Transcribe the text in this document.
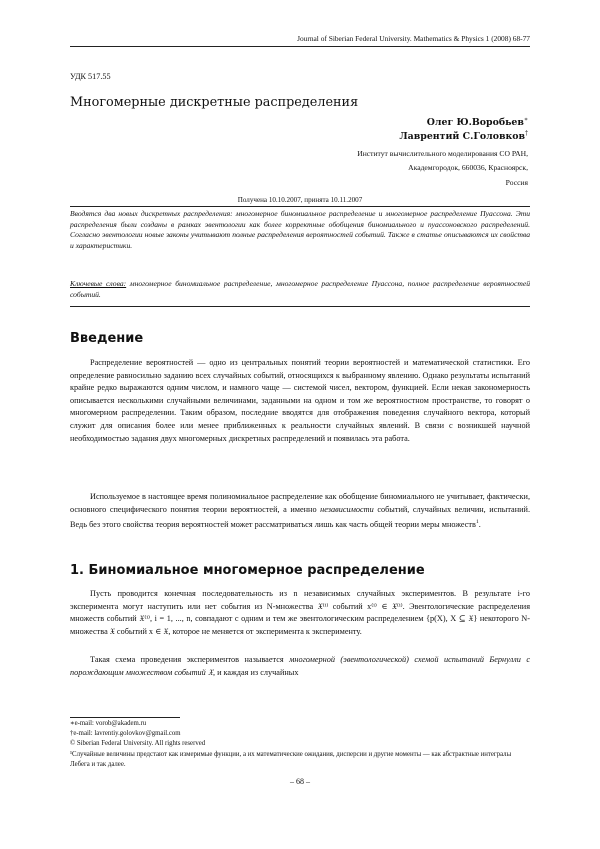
Journal of Siberian Federal University. Mathematics & Physics 1 (2008) 68-77
УДК 517.55
Многомерные дискретные распределения
Олег Ю.Воробьев∗
Лаврентий С.Головков†
Институт вычислительного моделирования СО РАН,
Академгородок, 660036, Красноярск,
Россия
Получена 10.10.2007, принята 10.11.2007
Вводятся два новых дискретных распределения: многомерное биномиальное распределение и многомерное распределение Пуассона. Эти распределения были созданы в рамках эвентологии как более корректные обобщения биномиального и пуассоновского распределений. Согласно эвентологии новые законы учитывают полные распределения вероятностей событий. Также в статье описываются их свойства и характеристики.
Ключевые слова: многомерное биномиальное распределение, многомерное распределение Пуассона, полное распределение вероятностей событий.
Введение
Распределение вероятностей — одно из центральных понятий теории вероятностей и математической статистики. Его определение равносильно заданию всех случайных событий, относящихся к выбранному явлению. Однако результаты испытаний крайне редко выражаются одним числом, и намного чаще — системой чисел, вектором, функцией. Если некая закономерность описывается несколькими случайными величинами, заданными на одном и том же вероятностном пространстве, то говорят о многомерном распределении. Таким образом, последние вводятся для отображения поведения случайного вектора, который служит для описания более или менее приближенных к реальности случайных явлений. В связи с возникшей научной необходимостью задания двух многомерных дискретных распределений и появилась эта работа.
Используемое в настоящее время полиномиальное распределение как обобщение биномиального не учитывает, фактически, основного специфического понятия теории вероятностей, а именно независимости событий, случайных величин, испытаний. Ведь без этого свойства теория вероятностей может рассматриваться лишь как часть общей теории меры множеств$^1$.
1. Биномиальное многомерное распределение
Пусть проводится конечная последовательность из n независимых случайных экспериментов. В результате i-го эксперимента могут наступить или нет события из N-множества 𝔛⁽ⁱ⁾ событий x⁽ⁱ⁾ ∈ 𝔛⁽ⁱ⁾. Эвентологические распределения множеств событий 𝔛⁽ⁱ⁾, i = 1, ..., n, совпадают с одним и тем же эвентологическим распределением {p(X), X ⊆ 𝔛} некоторого N-множества 𝔛 событий x ∈ 𝔛, которое не меняется от эксперимента к эксперименту.
Такая схема проведения экспериментов называется многомерной (эвентологической) схемой испытаний Бернулли с порождающим множеством событий 𝔛, и каждая из случайных
∗e-mail: vorob@akadem.ru
†e-mail: lavrentiy.golovkov@gmail.com
© Siberian Federal University. All rights reserved
¹Случайные величины предстают как измеримые функции, а их математические ожидания, дисперсии и другие моменты — как абстрактные интегралы Лебега и так далее.
– 68 –
